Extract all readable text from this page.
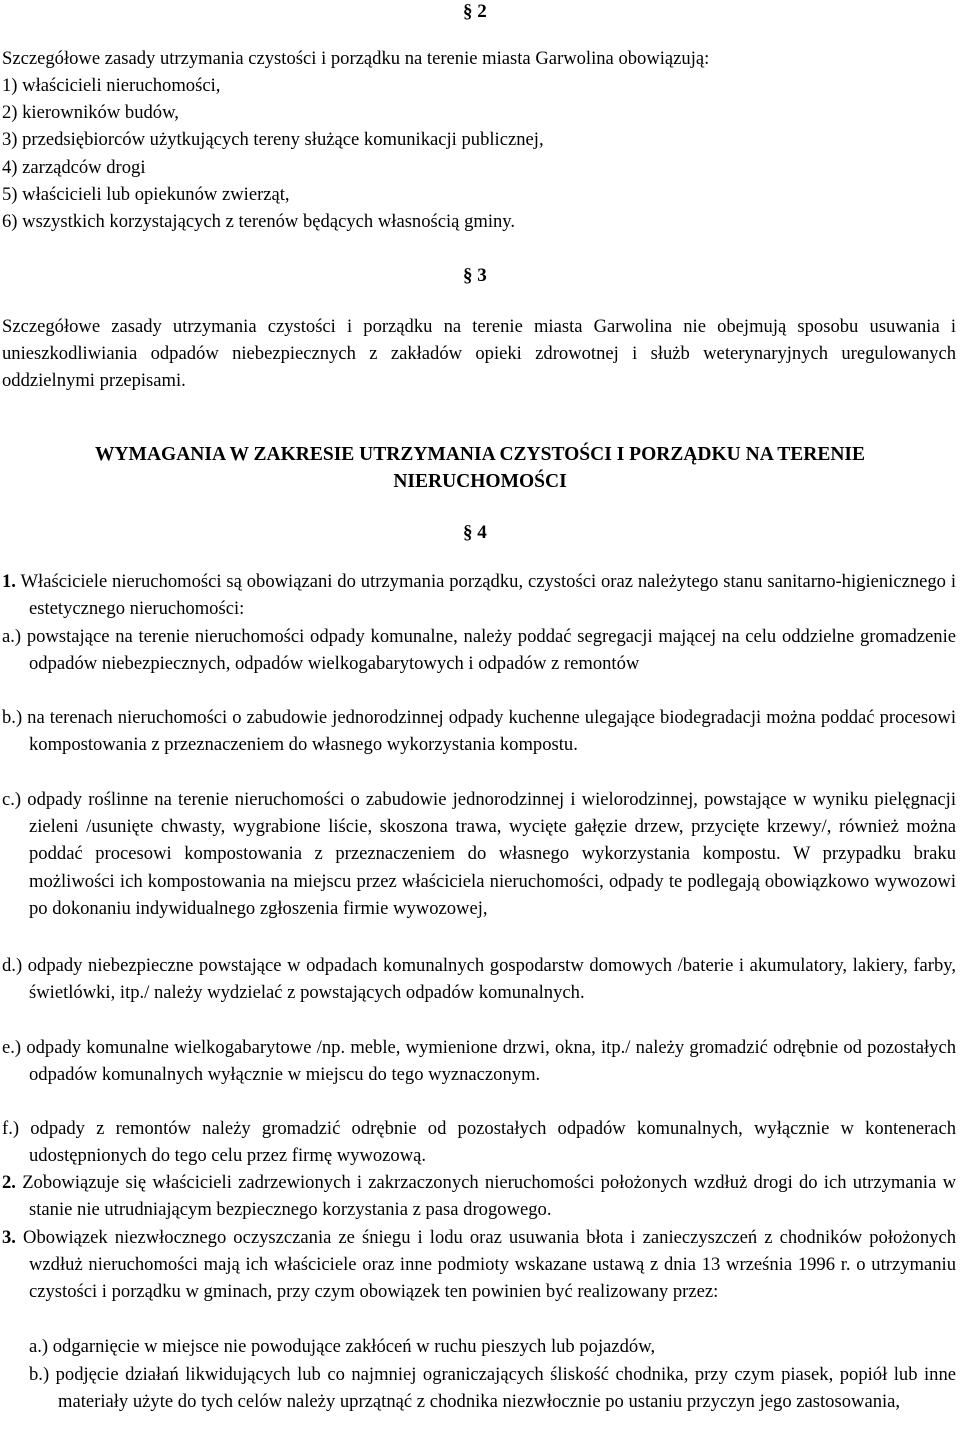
§ 2

Szczegółowe zasady utrzymania czystości i porządku na terenie miasta Garwolina obowiązują:

1) właścicieli nieruchomości,
2) kierowników budów,
3) przedsiębiorców użytkujących tereny służące komunikacji publicznej,
4) zarządców drogi
5) właścicieli lub opiekunów zwierząt,
6) wszystkich korzystających z terenów będących własnością gminy.
§ 3

Szczegółowe zasady utrzymania czystości i porządku na terenie miasta Garwolina nie obejmują sposobu usuwania i unieszkodliwiania odpadów niebezpiecznych z zakładów opieki zdrowotnej i służb weterynaryjnych uregulowanych oddzielnymi przepisami.

WYMAGANIA W ZAKRESIE UTRZYMANIA CZYSTOŚCI I PORZĄDKU NA TERENIE
NIERUCHOMOŚCI
§ 4

1. Właściciele nieruchomości są obowiązani do utrzymania porządku, czystości oraz należytego stanu sanitarno-higienicznego i estetycznego nieruchomości:

a.) powstające na terenie nieruchomości odpady komunalne, należy poddać segregacji mającej na celu oddzielne gromadzenie odpadów niebezpiecznych, odpadów wielkogabarytowych i odpadów z remontów

b.) na terenach nieruchomości o zabudowie jednorodzinnej odpady kuchenne ulegające biodegradacji można poddać procesowi kompostowania z przeznaczeniem do własnego wykorzystania kompostu.

c.) odpady roślinne na terenie nieruchomości o zabudowie jednorodzinnej i wielorodzinnej, powstające w wyniku pielęgnacji zieleni /usunięte chwasty, wygrabione liście, skoszona trawa, wycięte gałęzie drzew, przycięte krzewy/, również można poddać procesowi kompostowania z przeznaczeniem do własnego wykorzystania kompostu. W przypadku braku możliwości ich kompostowania na miejscu przez właściciela nieruchomości, odpady te podlegają obowiązkowo wywozowi po dokonaniu indywidualnego zgłoszenia firmie wywozowej,

d.) odpady niebezpieczne powstające w odpadach komunalnych gospodarstw domowych /baterie i akumulatory, lakiery, farby, świetlówki, itp./ należy wydzielać z powstających odpadów komunalnych.

e.) odpady komunalne wielkogabarytowe /np. meble, wymienione drzwi, okna, itp./ należy gromadzić odrębnie od pozostałych odpadów komunalnych wyłącznie w miejscu do tego wyznaczonym.

f.) odpady z remontów należy gromadzić odrębnie od pozostałych odpadów komunalnych, wyłącznie w kontenerach udostępnionych do tego celu przez firmę wywozową.

2. Zobowiązuje się właścicieli zadrzewionych i zakrzaczonych nieruchomości położonych wzdłuż drogi do ich utrzymania w stanie nie utrudniającym bezpiecznego korzystania z pasa drogowego.

3. Obowiązek niezwłocznego oczyszczania ze śniegu i lodu oraz usuwania błota i zanieczyszczeń z chodników położonych wzdłuż nieruchomości mają ich właściciele oraz inne podmioty wskazane ustawą z dnia 13 września 1996 r. o utrzymaniu czystości i porządku w gminach, przy czym obowiązek ten powinien być realizowany przez:

a.) odgarnięcie w miejsce nie powodujące zakłóceń w ruchu pieszych lub pojazdów,

b.) podjęcie działań likwidujących lub co najmniej ograniczających śliskość chodnika, przy czym piasek, popiół lub inne materiały użyte do tych celów należy uprzątnąć z chodnika niezwłocznie po ustaniu przyczyn jego zastosowania,
